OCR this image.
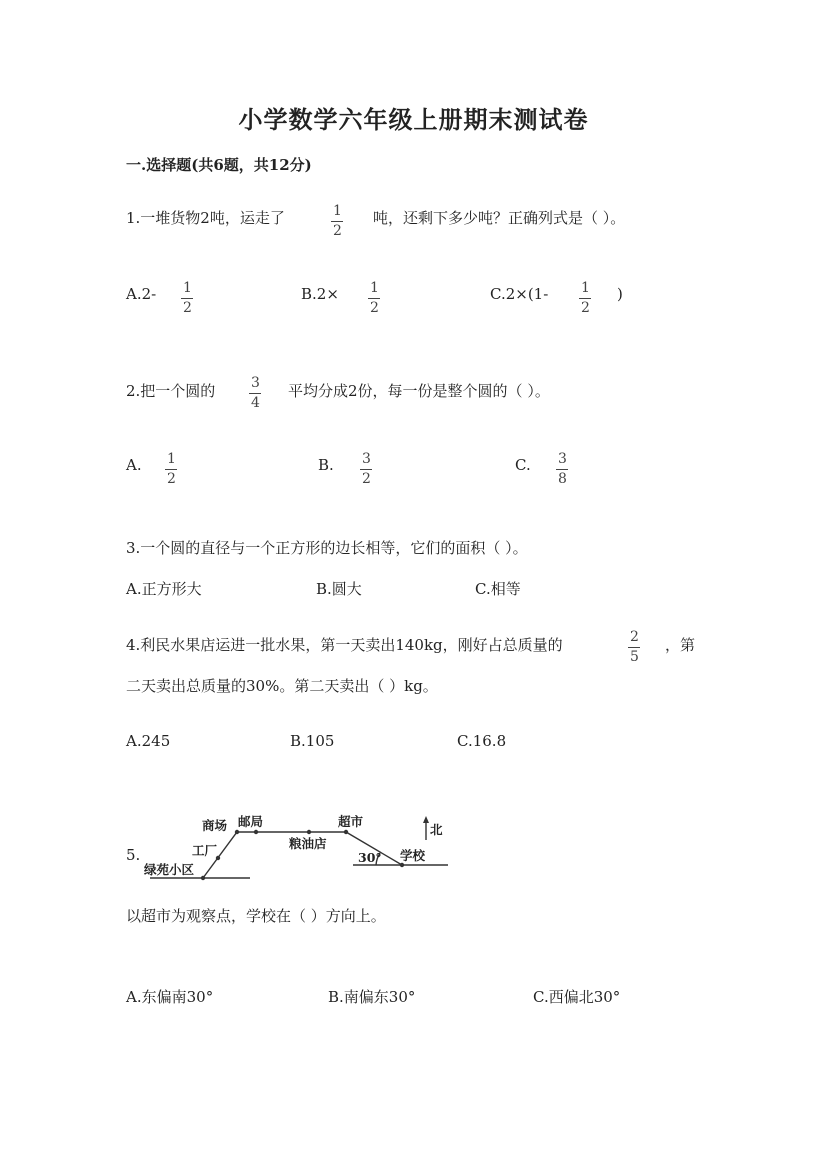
小学数学六年级上册期末测试卷
一.选择题(共6题，共12分)
1.一堆货物2吨，运走了	1
2
吨，还剩下多少吨？正确列式是（ ）。
A.2- 1
2
B.2× 1
2
C.2×(1- 1
2
)
2.把一个圆的	3
4
平均分成2份，每一份是整个圆的（ ）。
A. 1
2
B. 3
2
C. 3
8
3.一个圆的直径与一个正方形的边长相等，它们的面积（ ）。
A.正方形大	B.圆大	C.相等
4.利民水果店运进一批水果，第一天卖出140kg，刚好占总质量的	2
5
，第
二天卖出总质量的30%。第二天卖出（ ）kg。
A.245	B.105	C.16.8
5.
商场 邮局	超市
北
工厂	粮油店
30° 学校
绿苑小区
以超市为观察点，学校在（ ）方向上。
A.东偏南30°	B.南偏东30°	C.西偏北30°
